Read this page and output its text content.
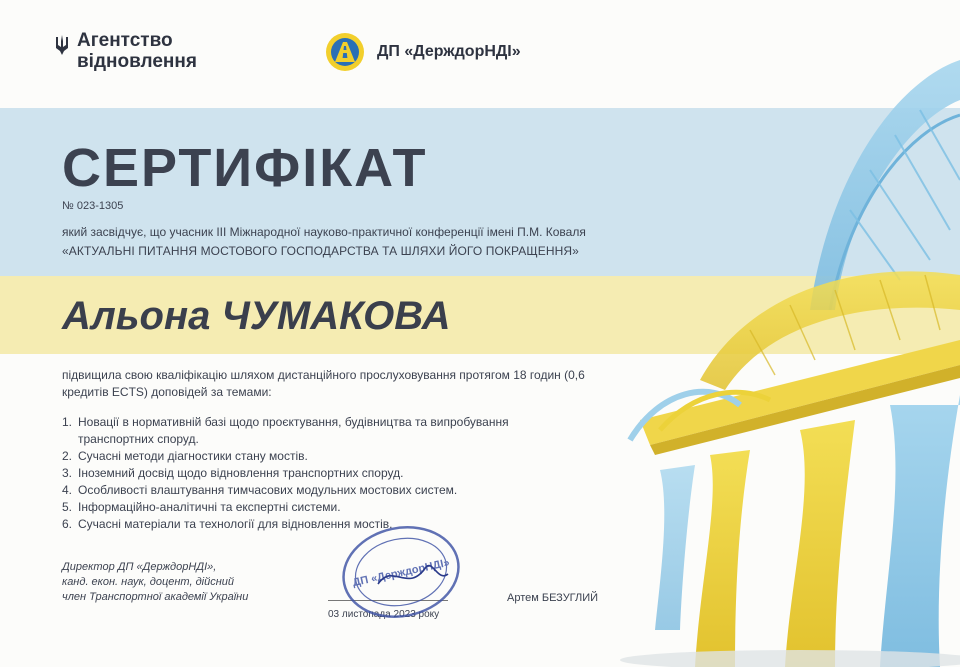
Агентство
відновлення	ДП «ДерждорНДІ»
СЕРТИФІКАТ
№ 023-1305
який засвідчує, що учасник ІІІ Міжнародної науково-практичної конференції імені П.М. Коваля
«АКТУАЛЬНІ ПИТАННЯ МОСТОВОГО ГОСПОДАРСТВА ТА ШЛЯХИ ЙОГО ПОКРАЩЕННЯ»
Альона ЧУМАКОВА
підвищила свою кваліфікацію шляхом дистанційного прослуховування протягом 18 годин (0,6 кредитів ECTS) доповідей за темами:
1. Новації в нормативній базі щодо проєктування, будівництва та випробування транспортних споруд.
2. Сучасні методи діагностики стану мостів.
3. Іноземний досвід щодо відновлення транспортних споруд.
4. Особливості влаштування тимчасових модульних мостових систем.
5. Інформаційно-аналітичні та експертні системи.
6. Сучасні матеріали та технології для відновлення мостів.
Директор ДП «ДерждорНДІ»,
канд. екон. наук, доцент, дійсний
член Транспортної академії України
03 листопада 2023 року
Артем БЕЗУГЛИЙ
ДП «ДерждорНДІ»
